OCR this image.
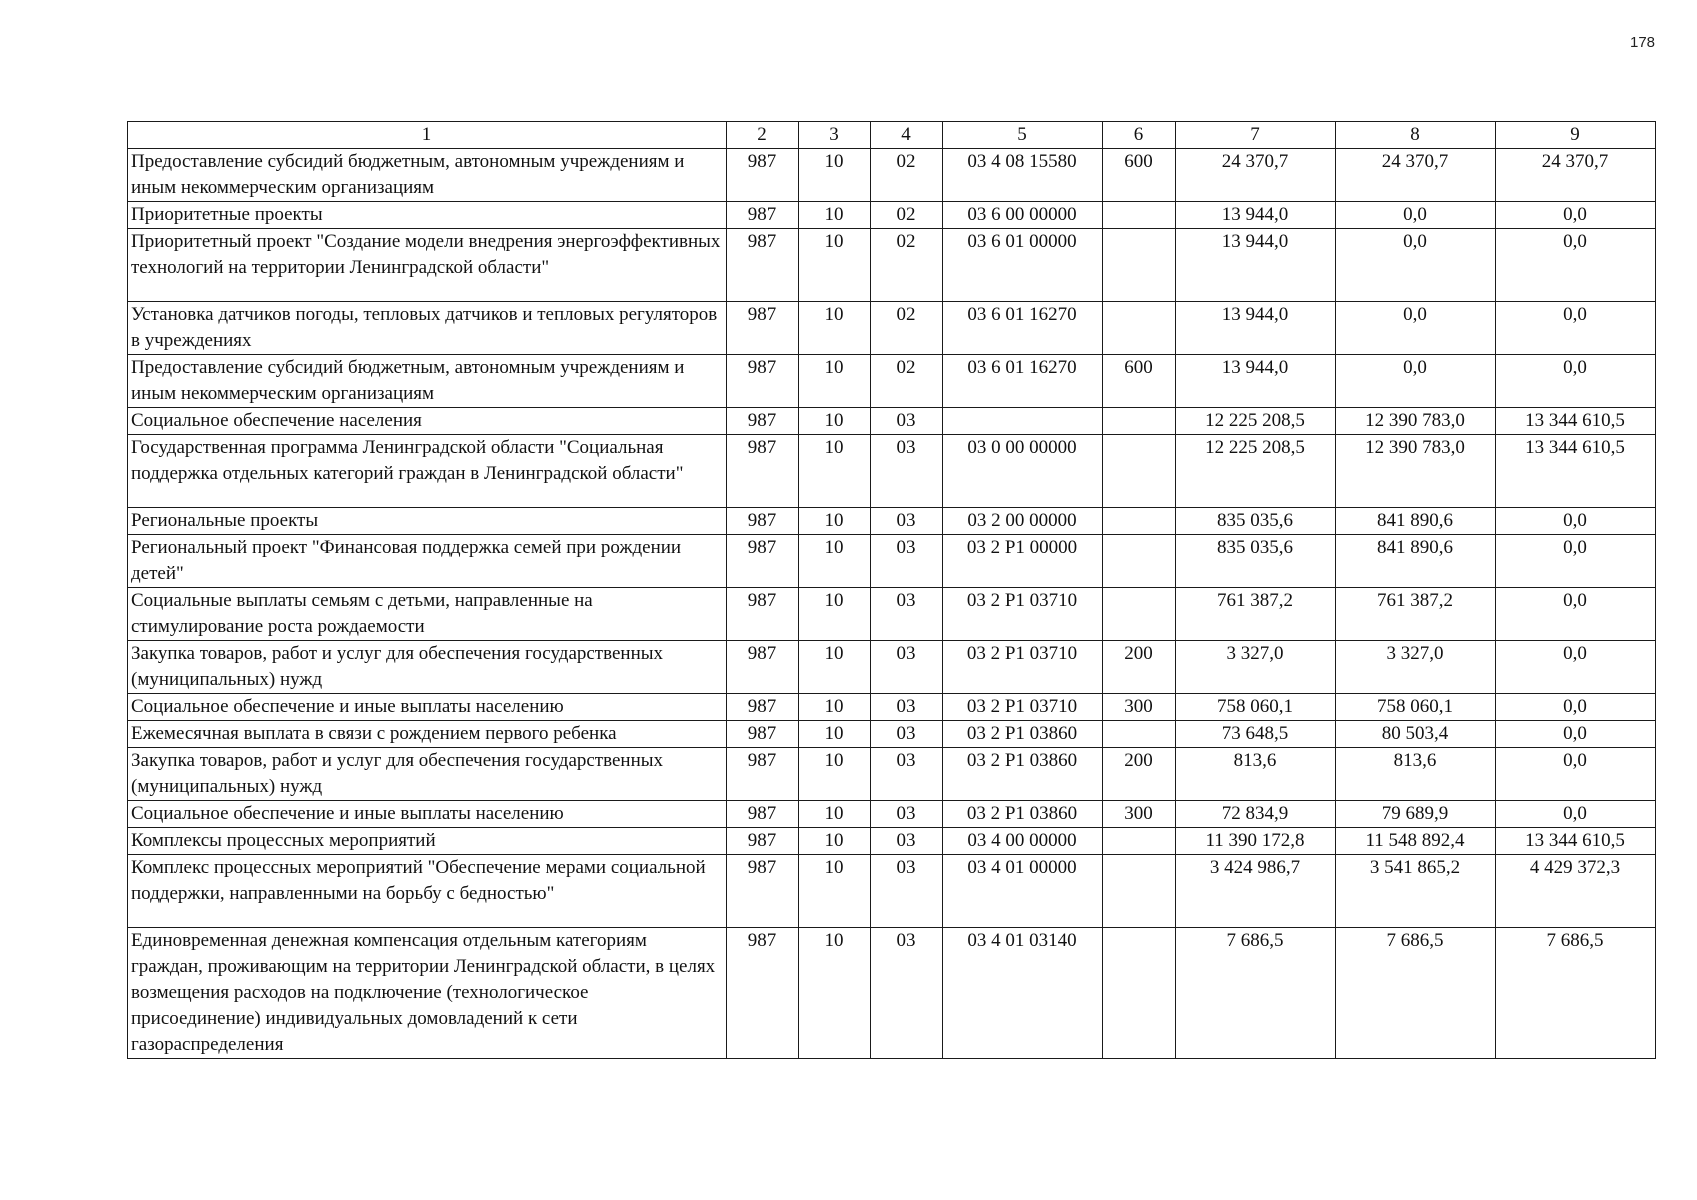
178
1	2	3	4	5	6	7	8	9
Предоставление субсидий бюджетным, автономным учреждениям и иным некоммерческим организациям	987	10	02	03 4 08 15580	600	24 370,7	24 370,7	24 370,7
Приоритетные проекты	987	10	02	03 6 00 00000		13 944,0	0,0	0,0
Приоритетный проект "Создание модели внедрения энергоэффективных технологий на территории Ленинградской области"	987	10	02	03 6 01 00000		13 944,0	0,0	0,0
Установка датчиков погоды, тепловых датчиков и тепловых регуляторов в учреждениях	987	10	02	03 6 01 16270		13 944,0	0,0	0,0
Предоставление субсидий бюджетным, автономным учреждениям и иным некоммерческим организациям	987	10	02	03 6 01 16270	600	13 944,0	0,0	0,0
Социальное обеспечение населения	987	10	03			12 225 208,5	12 390 783,0	13 344 610,5
Государственная программа Ленинградской области "Социальная поддержка отдельных категорий граждан в Ленинградской области"	987	10	03	03 0 00 00000		12 225 208,5	12 390 783,0	13 344 610,5
Региональные проекты	987	10	03	03 2 00 00000		835 035,6	841 890,6	0,0
Региональный проект "Финансовая поддержка семей при рождении детей"	987	10	03	03 2 P1 00000		835 035,6	841 890,6	0,0
Социальные выплаты семьям с детьми, направленные на стимулирование роста рождаемости	987	10	03	03 2 P1 03710		761 387,2	761 387,2	0,0
Закупка товаров, работ и услуг для обеспечения государственных (муниципальных) нужд	987	10	03	03 2 P1 03710	200	3 327,0	3 327,0	0,0
Социальное обеспечение и иные выплаты населению	987	10	03	03 2 P1 03710	300	758 060,1	758 060,1	0,0
Ежемесячная выплата в связи с рождением первого ребенка	987	10	03	03 2 P1 03860		73 648,5	80 503,4	0,0
Закупка товаров, работ и услуг для обеспечения государственных (муниципальных) нужд	987	10	03	03 2 P1 03860	200	813,6	813,6	0,0
Социальное обеспечение и иные выплаты населению	987	10	03	03 2 P1 03860	300	72 834,9	79 689,9	0,0
Комплексы процессных мероприятий	987	10	03	03 4 00 00000		11 390 172,8	11 548 892,4	13 344 610,5
Комплекс процессных мероприятий "Обеспечение мерами социальной поддержки, направленными на борьбу с бедностью"	987	10	03	03 4 01 00000		3 424 986,7	3 541 865,2	4 429 372,3
Единовременная денежная компенсация отдельным категориям граждан, проживающим на территории Ленинградской области, в целях возмещения расходов на подключение (технологическое присоединение) индивидуальных домовладений к сети газораспределения	987	10	03	03 4 01 03140		7 686,5	7 686,5	7 686,5
